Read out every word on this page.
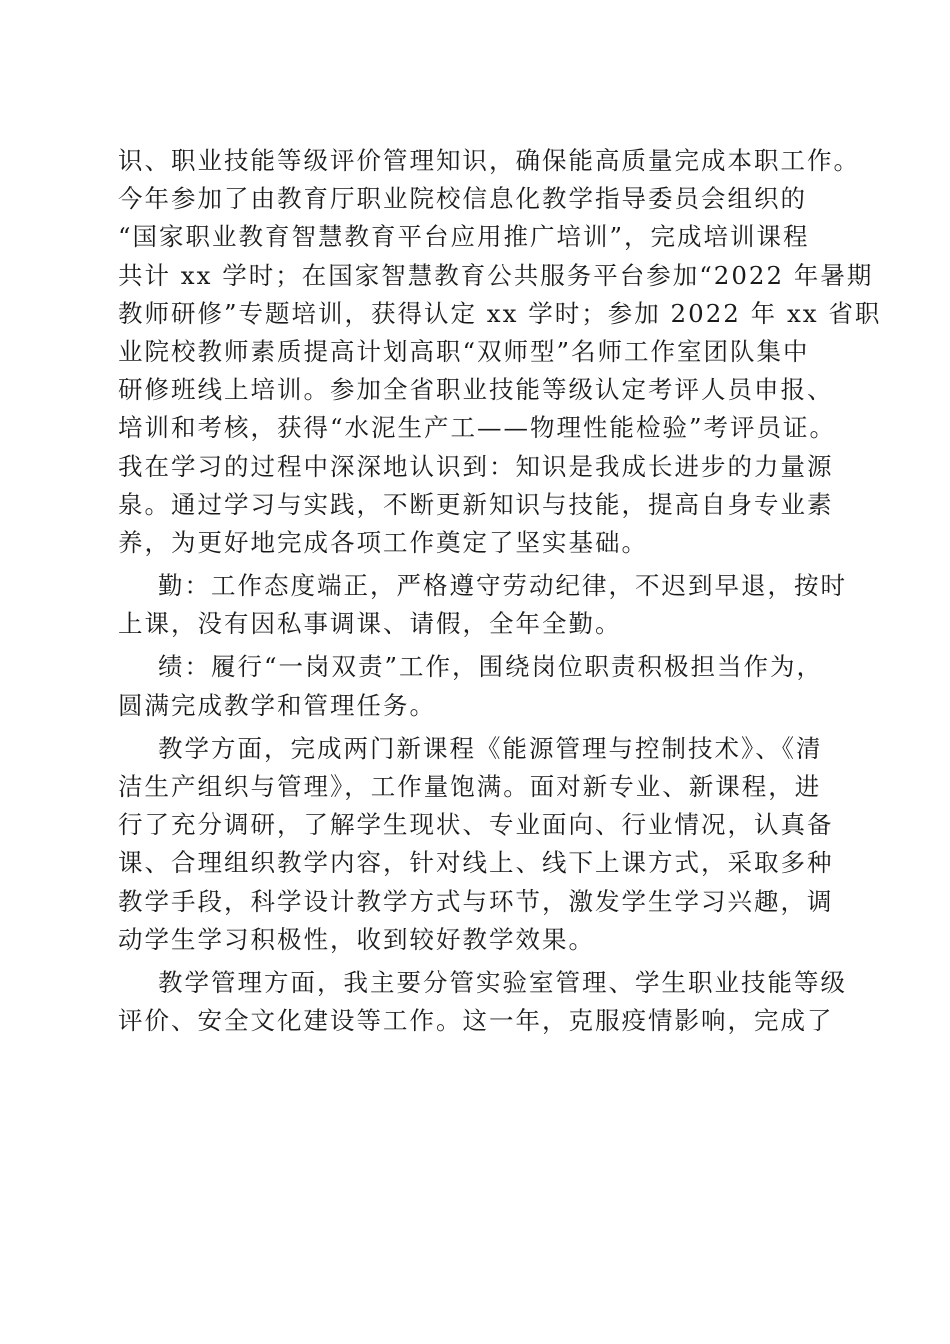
识、职业技能等级评价管理知识，确保能高质量完成本职工作。
今年参加了由教育厅职业院校信息化教学指导委员会组织的
“国家职业教育智慧教育平台应用推广培训”，完成培训课程
共计 xx 学时；在国家智慧教育公共服务平台参加“2022 年暑期
教师研修”专题培训，获得认定 xx 学时；参加 2022 年 xx 省职
业院校教师素质提高计划高职“双师型”名师工作室团队集中
研修班线上培训。参加全省职业技能等级认定考评人员申报、
培训和考核，获得“水泥生产工——物理性能检验”考评员证。
我在学习的过程中深深地认识到：知识是我成长进步的力量源
泉。通过学习与实践，不断更新知识与技能，提高自身专业素
养，为更好地完成各项工作奠定了坚实基础。
勤：工作态度端正，严格遵守劳动纪律，不迟到早退，按时
上课，没有因私事调课、请假，全年全勤。
绩：履行“一岗双责”工作，围绕岗位职责积极担当作为，
圆满完成教学和管理任务。
教学方面，完成两门新课程《能源管理与控制技术》、《清
洁生产组织与管理》，工作量饱满。面对新专业、新课程，进
行了充分调研，了解学生现状、专业面向、行业情况，认真备
课、合理组织教学内容，针对线上、线下上课方式，采取多种
教学手段，科学设计教学方式与环节，激发学生学习兴趣，调
动学生学习积极性，收到较好教学效果。
教学管理方面，我主要分管实验室管理、学生职业技能等级
评价、安全文化建设等工作。这一年，克服疫情影响，完成了
